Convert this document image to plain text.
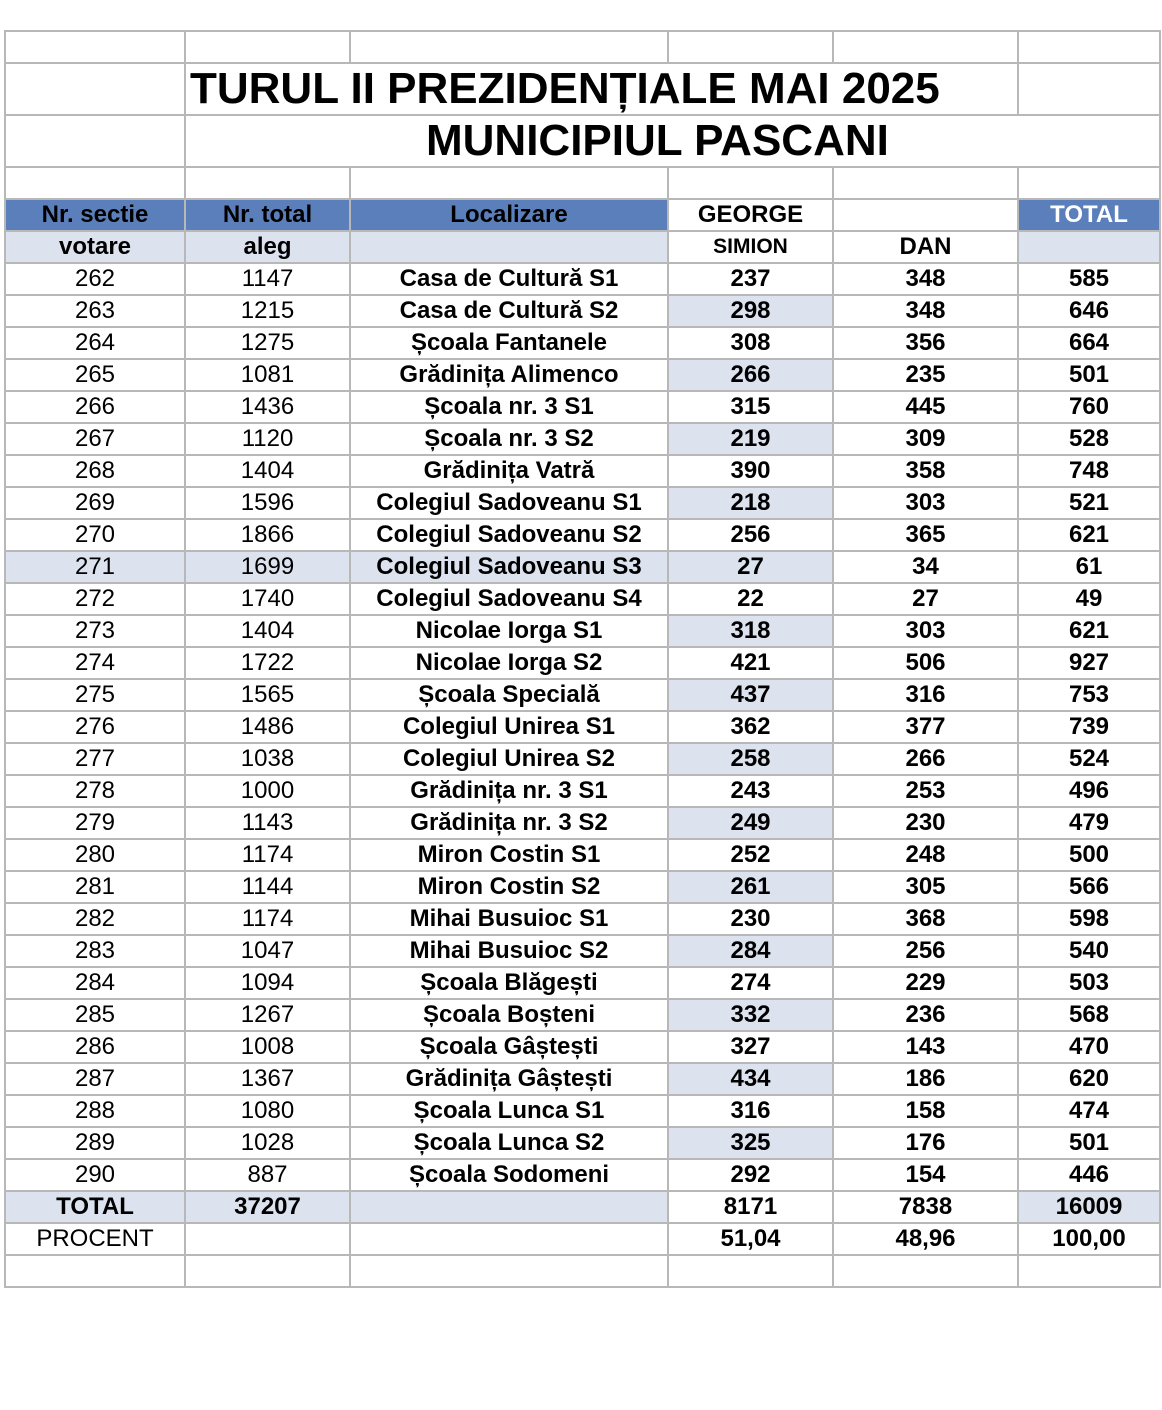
	TURUL II PREZIDENȚIALE MAI 2025				
	MUNICIPIUL PASCANI				

Nr. sectie	Nr. total	Localizare	GEORGE		TOTAL
votare	aleg		SIMION	DAN	
262	1147	Casa de Cultură S1	237	348	585
263	1215	Casa de Cultură S2	298	348	646
264	1275	Școala Fantanele	308	356	664
265	1081	Grădinița Alimenco	266	235	501
266	1436	Școala nr. 3 S1	315	445	760
267	1120	Școala nr. 3 S2	219	309	528
268	1404	Grădinița Vatră	390	358	748
269	1596	Colegiul Sadoveanu S1	218	303	521
270	1866	Colegiul Sadoveanu S2	256	365	621
271	1699	Colegiul Sadoveanu S3	27	34	61
272	1740	Colegiul Sadoveanu S4	22	27	49
273	1404	Nicolae Iorga S1	318	303	621
274	1722	Nicolae Iorga S2	421	506	927
275	1565	Școala Specială	437	316	753
276	1486	Colegiul Unirea S1	362	377	739
277	1038	Colegiul Unirea S2	258	266	524
278	1000	Grădinița nr. 3 S1	243	253	496
279	1143	Grădinița nr. 3 S2	249	230	479
280	1174	Miron Costin S1	252	248	500
281	1144	Miron Costin S2	261	305	566
282	1174	Mihai Busuioc S1	230	368	598
283	1047	Mihai Busuioc S2	284	256	540
284	1094	Școala Blăgești	274	229	503
285	1267	Școala Boșteni	332	236	568
286	1008	Școala Gâștești	327	143	470
287	1367	Grădinița Gâștești	434	186	620
288	1080	Școala Lunca S1	316	158	474
289	1028	Școala Lunca S2	325	176	501
290	887	Școala Sodomeni	292	154	446
TOTAL	37207		8171	7838	16009
PROCENT			51,04	48,96	100,00
